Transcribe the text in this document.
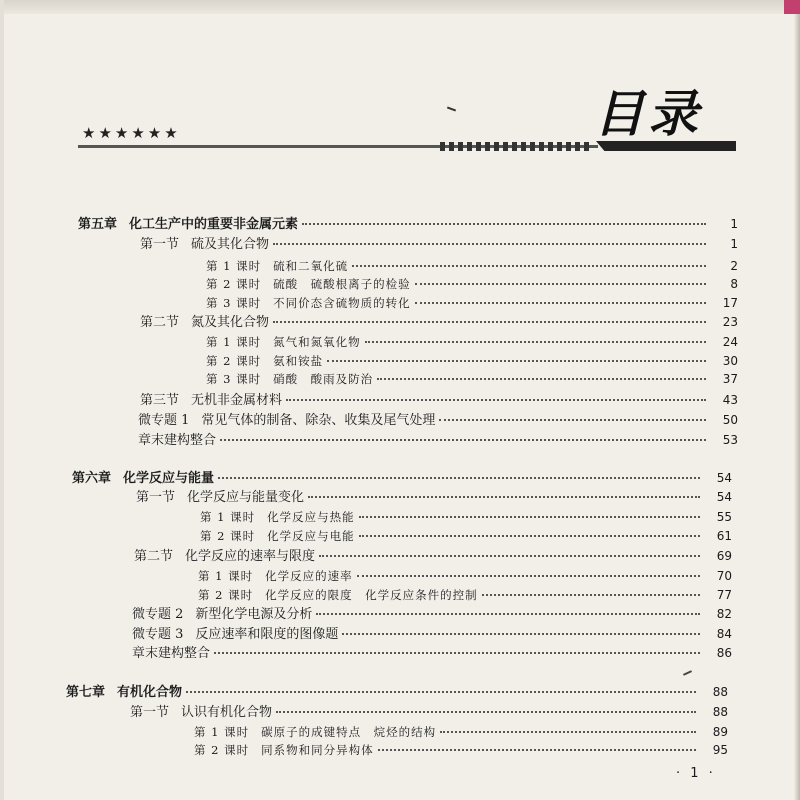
★★★★★★	目录
第五章 化工生产中的重要非金属元素	1
第一节 硫及其化合物	1
第 1 课时 硫和二氧化硫	2
第 2 课时 硫酸　硫酸根离子的检验	8
第 3 课时 不同价态含硫物质的转化	17
第二节 氮及其化合物	23
第 1 课时 氮气和氮氧化物	24
第 2 课时 氨和铵盐	30
第 3 课时 硝酸　酸雨及防治	37
第三节 无机非金属材料	43
微专题 1 常见气体的制备、除杂、收集及尾气处理	50
章末建构整合	53
第六章 化学反应与能量	54
第一节 化学反应与能量变化	54
第 1 课时 化学反应与热能	55
第 2 课时 化学反应与电能	61
第二节 化学反应的速率与限度	69
第 1 课时 化学反应的速率	70
第 2 课时 化学反应的限度　化学反应条件的控制	77
微专题 2 新型化学电源及分析	82
微专题 3 反应速率和限度的图像题	84
章末建构整合	86
第七章 有机化合物	88
第一节 认识有机化合物	88
第 1 课时 碳原子的成键特点　烷烃的结构	89
第 2 课时 同系物和同分异构体	95
· 1 ·
